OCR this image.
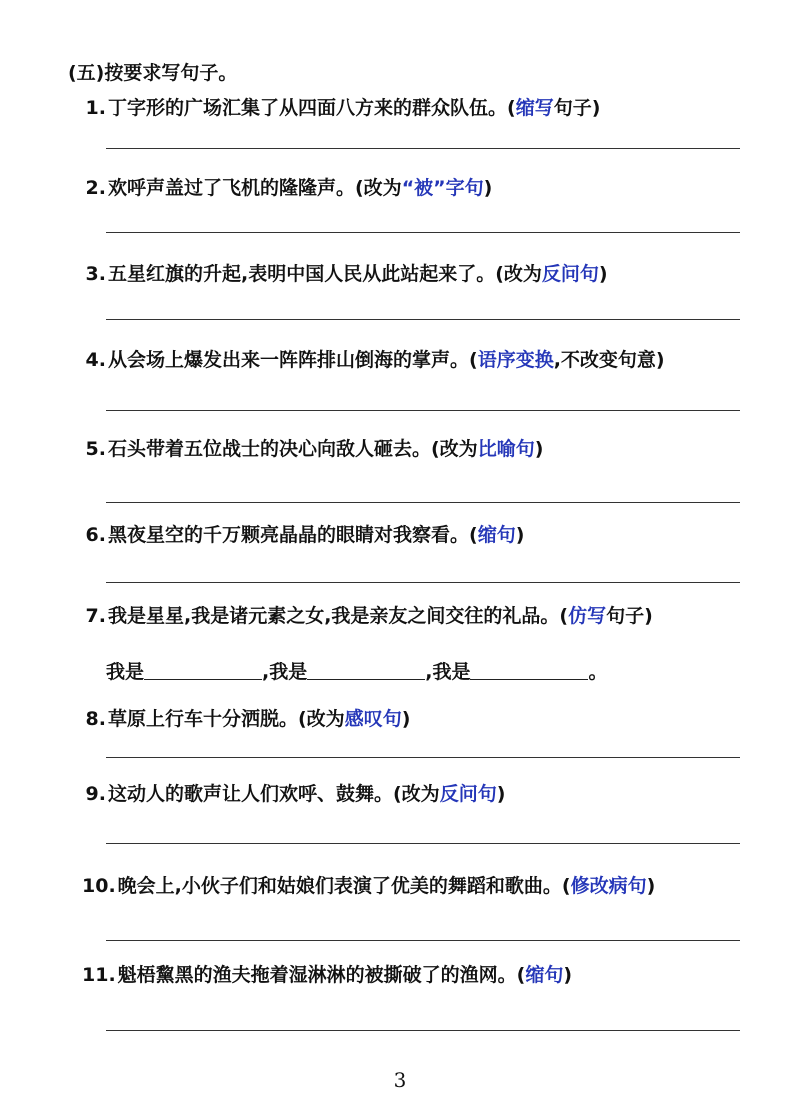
(五)按要求写句子。
1. 丁字形的广场汇集了从四面八方来的群众队伍。(缩写句子)
2. 欢呼声盖过了飞机的隆隆声。(改为“被”字句)
3. 五星红旗的升起,表明中国人民从此站起来了。(改为反问句)
4. 从会场上爆发出来一阵阵排山倒海的掌声。(语序变换,不改变句意)
5. 石头带着五位战士的决心向敌人砸去。(改为比喻句)
6. 黑夜星空的千万颗亮晶晶的眼睛对我察看。(缩句)
7. 我是星星,我是诸元素之女,我是亲友之间交往的礼品。(仿写句子)
我是	,我是	,我是	。
8. 草原上行车十分洒脱。(改为感叹句)
9. 这动人的歌声让人们欢呼、鼓舞。(改为反问句)
10. 晚会上,小伙子们和姑娘们表演了优美的舞蹈和歌曲。(修改病句)
11. 魁梧黧黑的渔夫拖着湿淋淋的被撕破了的渔网。(缩句)
3
